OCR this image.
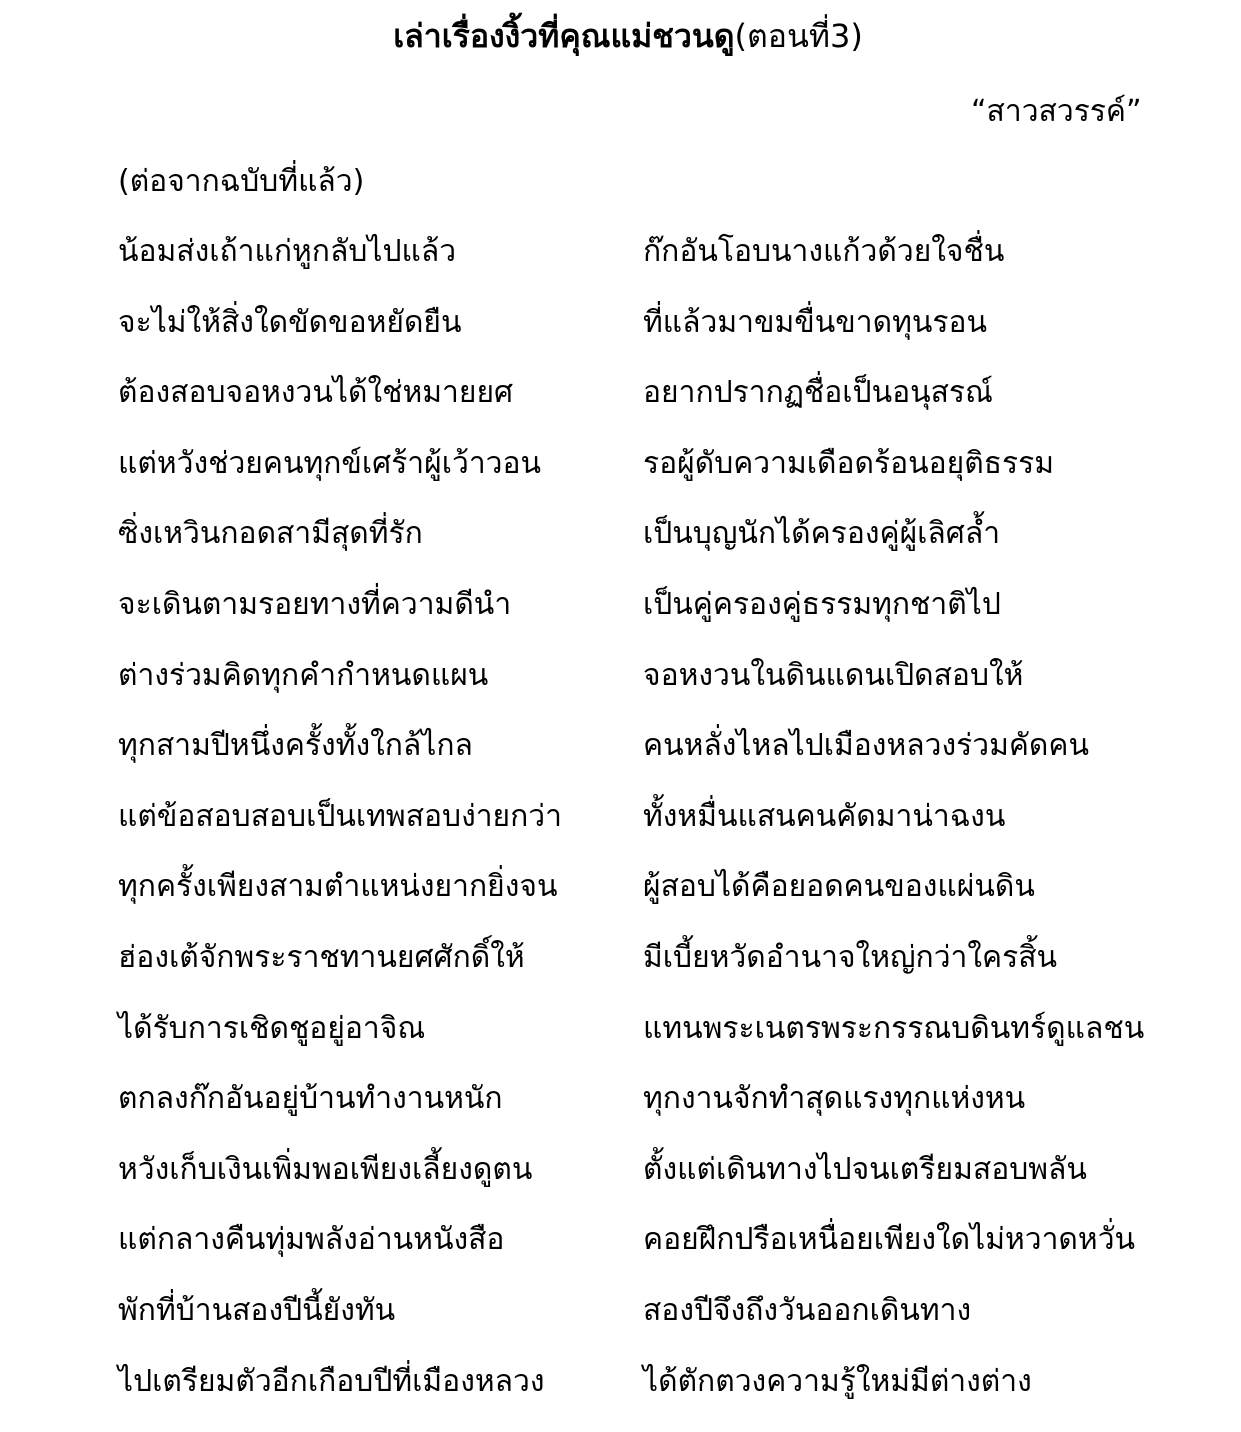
เล่าเรื่องงิ้วที่คุณแม่ชวนดู(ตอนที่3)
“สาวสวรรค์”
(ต่อจากฉบับที่แล้ว)
น้อมส่งเถ้าแก่หูกลับไปแล้ว	ก๊กอันโอบนางแก้วด้วยใจชื่น
จะไม่ให้สิ่งใดขัดขอหยัดยืน	ที่แล้วมาขมขื่นขาดทุนรอน
ต้องสอบจอหงวนได้ใช่หมายยศ	อยากปรากฏชื่อเป็นอนุสรณ์
แต่หวังช่วยคนทุกข์เศร้าผู้เว้าวอน	รอผู้ดับความเดือดร้อนอยุติธรรม
ซิ่งเหวินกอดสามีสุดที่รัก	เป็นบุญนักได้ครองคู่ผู้เลิศล้ำ
จะเดินตามรอยทางที่ความดีนำ	เป็นคู่ครองคู่ธรรมทุกชาติไป
ต่างร่วมคิดทุกคำกำหนดแผน	จอหงวนในดินแดนเปิดสอบให้
ทุกสามปีหนึ่งครั้งทั้งใกล้ไกล	คนหลั่งไหลไปเมืองหลวงร่วมคัดคน
แต่ข้อสอบสอบเป็นเทพสอบง่ายกว่า	ทั้งหมื่นแสนคนคัดมาน่าฉงน
ทุกครั้งเพียงสามตำแหน่งยากยิ่งจน	ผู้สอบได้คือยอดคนของแผ่นดิน
ฮ่องเต้จักพระราชทานยศศักดิ์ให้	มีเบี้ยหวัดอำนาจใหญ่กว่าใครสิ้น
ได้รับการเชิดชูอยู่อาจิณ	แทนพระเนตรพระกรรณบดินทร์ดูแลชน
ตกลงก๊กอันอยู่บ้านทำงานหนัก	ทุกงานจักทำสุดแรงทุกแห่งหน
หวังเก็บเงินเพิ่มพอเพียงเลี้ยงดูตน	ตั้งแต่เดินทางไปจนเตรียมสอบพลัน
แต่กลางคืนทุ่มพลังอ่านหนังสือ	คอยฝึกปรือเหนื่อยเพียงใดไม่หวาดหวั่น
พักที่บ้านสองปีนี้ยังทัน	สองปีจึงถึงวันออกเดินทาง
ไปเตรียมตัวอีกเกือบปีที่เมืองหลวง	ได้ตักตวงความรู้ใหม่มีต่างต่าง
